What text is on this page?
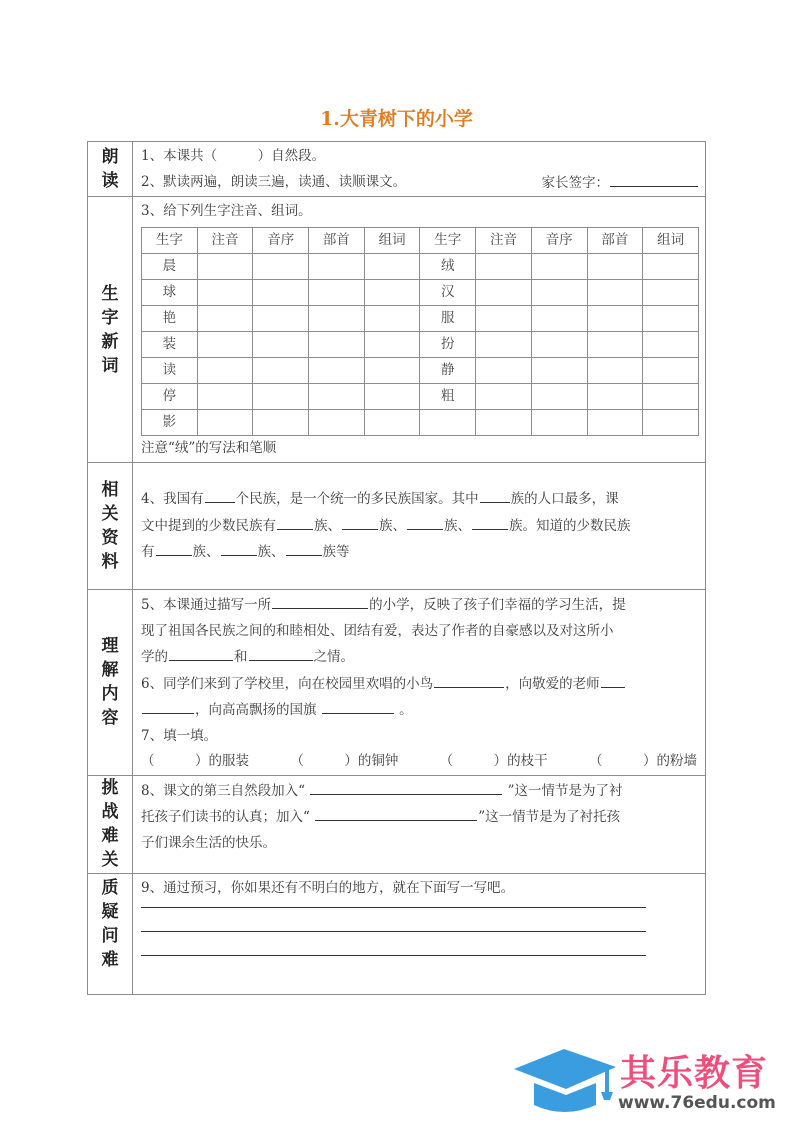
1.大青树下的小学
朗
读

1、本课共（　　　）自然段。
2、默读两遍，朗读三遍，读通、读顺课文。	家长签字：

生
字
新
词

3、给下列生字注音、组词。
生字	注音	音序	部首	组词	生字	注音	音序	部首	组词
晨					绒				
球					汉				
艳					服				
装					扮				
读					静				
停					粗				
影									
注意“绒”的写法和笔顺

相
关
资
料

4、我国有 个民族，是一个统一的多民族国家。其中 族的人口最多，课
文中提到的少数民族有	族、	族、	族、	族。知道的少数民族
有	族、	族、	族等

理
解
内
容

5、本课通过描写一所	的小学，反映了孩子们幸福的学习生活，提
现了祖国各民族之间的和睦相处、团结有爱，表达了作者的自豪感以及对这所小
学的	和	之情。
6、同学们来到了学校里，向在校园里欢唱的小鸟	，向敬爱的老师
，向高高飘扬的国旗	。
7、填一填。
（　　　）的服装	（　　　）的铜钟	（　　　）的枝干	（　　　）的粉墙

挑
战
难
关

8、课文的第三自然段加入“	”这一情节是为了衬
托孩子们读书的认真；加入“	”这一情节是为了衬托孩
子们课余生活的快乐。

质
疑
问
难

9、通过预习，你如果还有不明白的地方，就在下面写一写吧。
其乐教育
www.76edu.com
